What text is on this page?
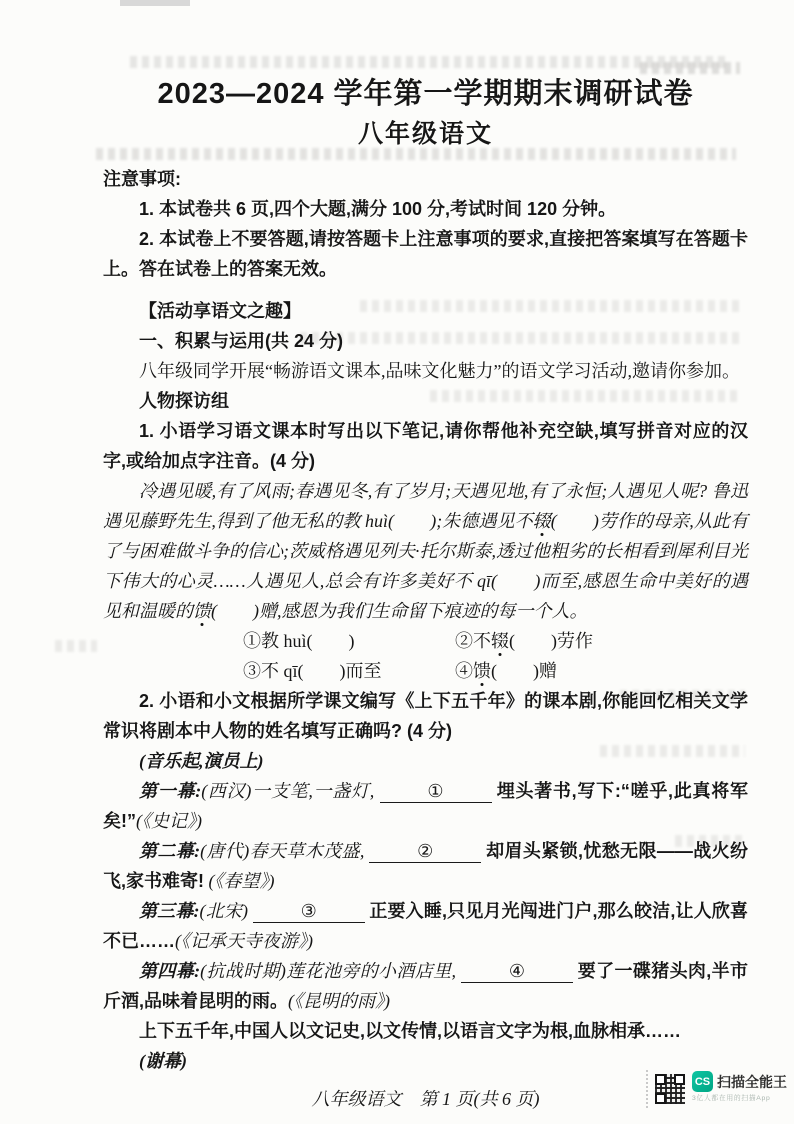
2023—2024 学年第一学期期末调研试卷
八年级语文

注意事项:

1. 本试卷共 6 页,四个大题,满分 100 分,考试时间 120 分钟。

2. 本试卷上不要答题,请按答题卡上注意事项的要求,直接把答案填写在答题卡上。答在试卷上的答案无效。

【活动享语文之趣】

一、积累与运用(共 24 分)

八年级同学开展“畅游语文课本,品味文化魅力”的语文学习活动,邀请你参加。

人物探访组

1. 小语学习语文课本时写出以下笔记,请你帮他补充空缺,填写拼音对应的汉字,或给加点字注音。(4 分)

冷遇见暖,有了风雨;春遇见冬,有了岁月;天遇见地,有了永恒;人遇见人呢? 鲁迅遇见藤野先生,得到了他无私的教 huì(　　);朱德遇见不辍(　　)劳作的母亲,从此有了与困难做斗争的信心;茨威格遇见列夫·托尔斯泰,透过他粗劣的长相看到犀利目光下伟大的心灵……人遇见人,总会有许多美好不 qī(　　)而至,感恩生命中美好的遇见和温暖的馈(　　)赠,感恩为我们生命留下痕迹的每一个人。

①教 huì(　　)	②不辍(　　)劳作

③不 qī(　　)而至	④馈(　　)赠

2. 小语和小文根据所学课文编写《上下五千年》的课本剧,你能回忆相关文学常识将剧本中人物的姓名填写正确吗? (4 分)

(音乐起,演员上)

第一幕:(西汉)一支笔,一盏灯,	①	埋头著书,写下:“嗟乎,此真将军矣!”(《史记》)

第二幕:(唐代)春天草木茂盛,	②	却眉头紧锁,忧愁无限——战火纷飞,家书难寄! (《春望》)

第三幕:(北宋)	③	正要入睡,只见月光闯进门户,那么皎洁,让人欣喜不已……(《记承天寺夜游》)

第四幕:(抗战时期)莲花池旁的小酒店里,	④	要了一碟猪头肉,半市斤酒,品味着昆明的雨。(《昆明的雨》)

上下五千年,中国人以文记史,以文传情,以语言文字为根,血脉相承……

(谢幕)

八年级语文　第 1 页(共 6 页)

CS 扫描全能王
3亿人都在用的扫描App
